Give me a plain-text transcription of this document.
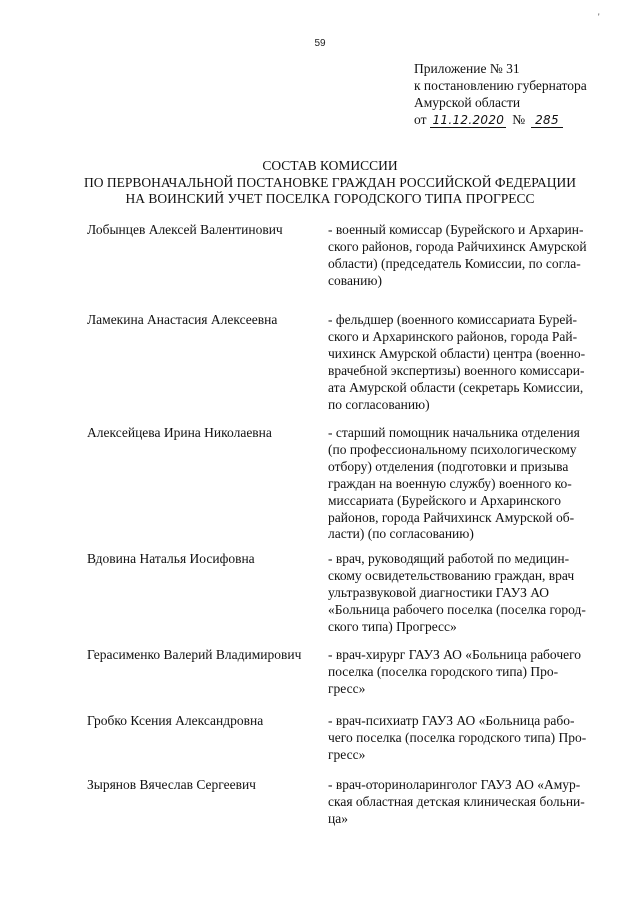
'
59
Приложение № 31
к постановлению губернатора
Амурской области
от 11.12.2020 № 285
СОСТАВ КОМИССИИ
ПО ПЕРВОНАЧАЛЬНОЙ ПОСТАНОВКЕ ГРАЖДАН РОССИЙСКОЙ ФЕДЕРАЦИИ
НА ВОИНСКИЙ УЧЕТ ПОСЕЛКА ГОРОДСКОГО ТИПА ПРОГРЕСС
Лобынцев Алексей Валентинович	- военный комиссар (Бурейского и Архарин-
ского районов, города Райчихинск Амурской
области) (председатель Комиссии, по согла-
сованию)
Ламекина Анастасия Алексеевна	- фельдшер (военного комиссариата Бурей-
ского и Архаринского районов, города Рай-
чихинск Амурской области) центра (военно-
врачебной экспертизы) военного комиссари-
ата Амурской области (секретарь Комиссии,
по согласованию)
Алексейцева Ирина Николаевна	- старший помощник начальника отделения
(по профессиональному психологическому
отбору) отделения (подготовки и призыва
граждан на военную службу) военного ко-
миссариата (Бурейского и Архаринского
районов, города Райчихинск Амурской об-
ласти) (по согласованию)
Вдовина Наталья Иосифовна	- врач, руководящий работой по медицин-
скому освидетельствованию граждан, врач
ультразвуковой диагностики ГАУЗ АО
«Больница рабочего поселка (поселка город-
ского типа) Прогресс»
Герасименко Валерий Владимирович	- врач-хирург ГАУЗ АО «Больница рабочего
поселка (поселка городского типа) Про-
гресс»
Гробко Ксения Александровна	- врач-психиатр ГАУЗ АО «Больница рабо-
чего поселка (поселка городского типа) Про-
гресс»
Зырянов Вячеслав Сергеевич	- врач-оториноларинголог ГАУЗ АО «Амур-
ская областная детская клиническая больни-
ца»
